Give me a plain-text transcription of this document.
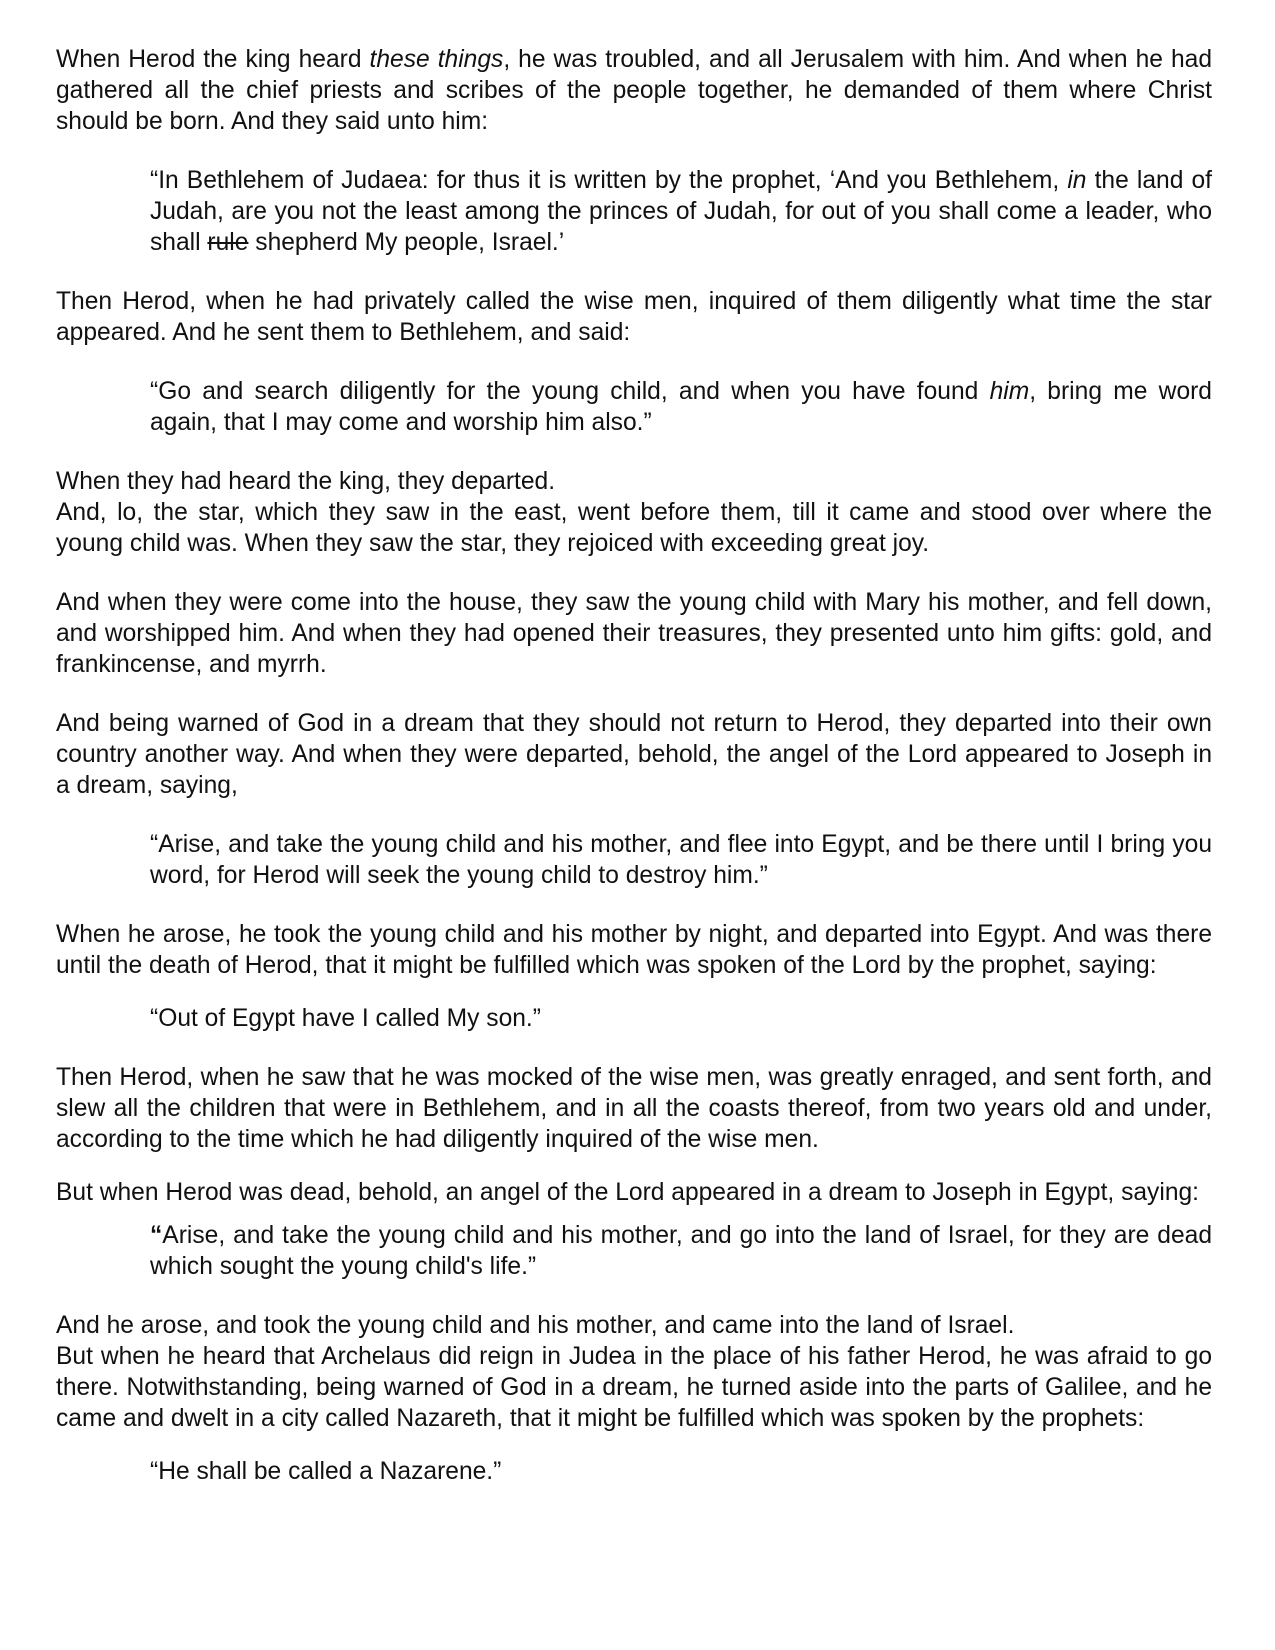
When Herod the king heard these things, he was troubled, and all Jerusalem with him. And when he had gathered all the chief priests and scribes of the people together, he demanded of them where Christ should be born. And they said unto him:

“In Bethlehem of Judaea: for thus it is written by the prophet, ‘And you Bethlehem, in the land of Judah, are you not the least among the princes of Judah, for out of you shall come a leader, who shall rule shepherd My people, Israel.’

Then Herod, when he had privately called the wise men, inquired of them diligently what time the star appeared. And he sent them to Bethlehem, and said:

“Go and search diligently for the young child, and when you have found him, bring me word again, that I may come and worship him also.”

When they had heard the king, they departed.

And, lo, the star, which they saw in the east, went before them, till it came and stood over where the young child was. When they saw the star, they rejoiced with exceeding great joy.

And when they were come into the house, they saw the young child with Mary his mother, and fell down, and worshipped him. And when they had opened their treasures, they presented unto him gifts: gold, and frankincense, and myrrh.

And being warned of God in a dream that they should not return to Herod, they departed into their own country another way. And when they were departed, behold, the angel of the Lord appeared to Joseph in a dream, saying,

“Arise, and take the young child and his mother, and flee into Egypt, and be there until I bring you word, for Herod will seek the young child to destroy him.”

When he arose, he took the young child and his mother by night, and departed into Egypt. And was there until the death of Herod, that it might be fulfilled which was spoken of the Lord by the prophet, saying:

“Out of Egypt have I called My son.”

Then Herod, when he saw that he was mocked of the wise men, was greatly enraged, and sent forth, and slew all the children that were in Bethlehem, and in all the coasts thereof, from two years old and under, according to the time which he had diligently inquired of the wise men.

But when Herod was dead, behold, an angel of the Lord appeared in a dream to Joseph in Egypt, saying:

“Arise, and take the young child and his mother, and go into the land of Israel, for they are dead which sought the young child's life.”

And he arose, and took the young child and his mother, and came into the land of Israel.

But when he heard that Archelaus did reign in Judea in the place of his father Herod, he was afraid to go there. Notwithstanding, being warned of God in a dream, he turned aside into the parts of Galilee, and he came and dwelt in a city called Nazareth, that it might be fulfilled which was spoken by the prophets:

“He shall be called a Nazarene.”
